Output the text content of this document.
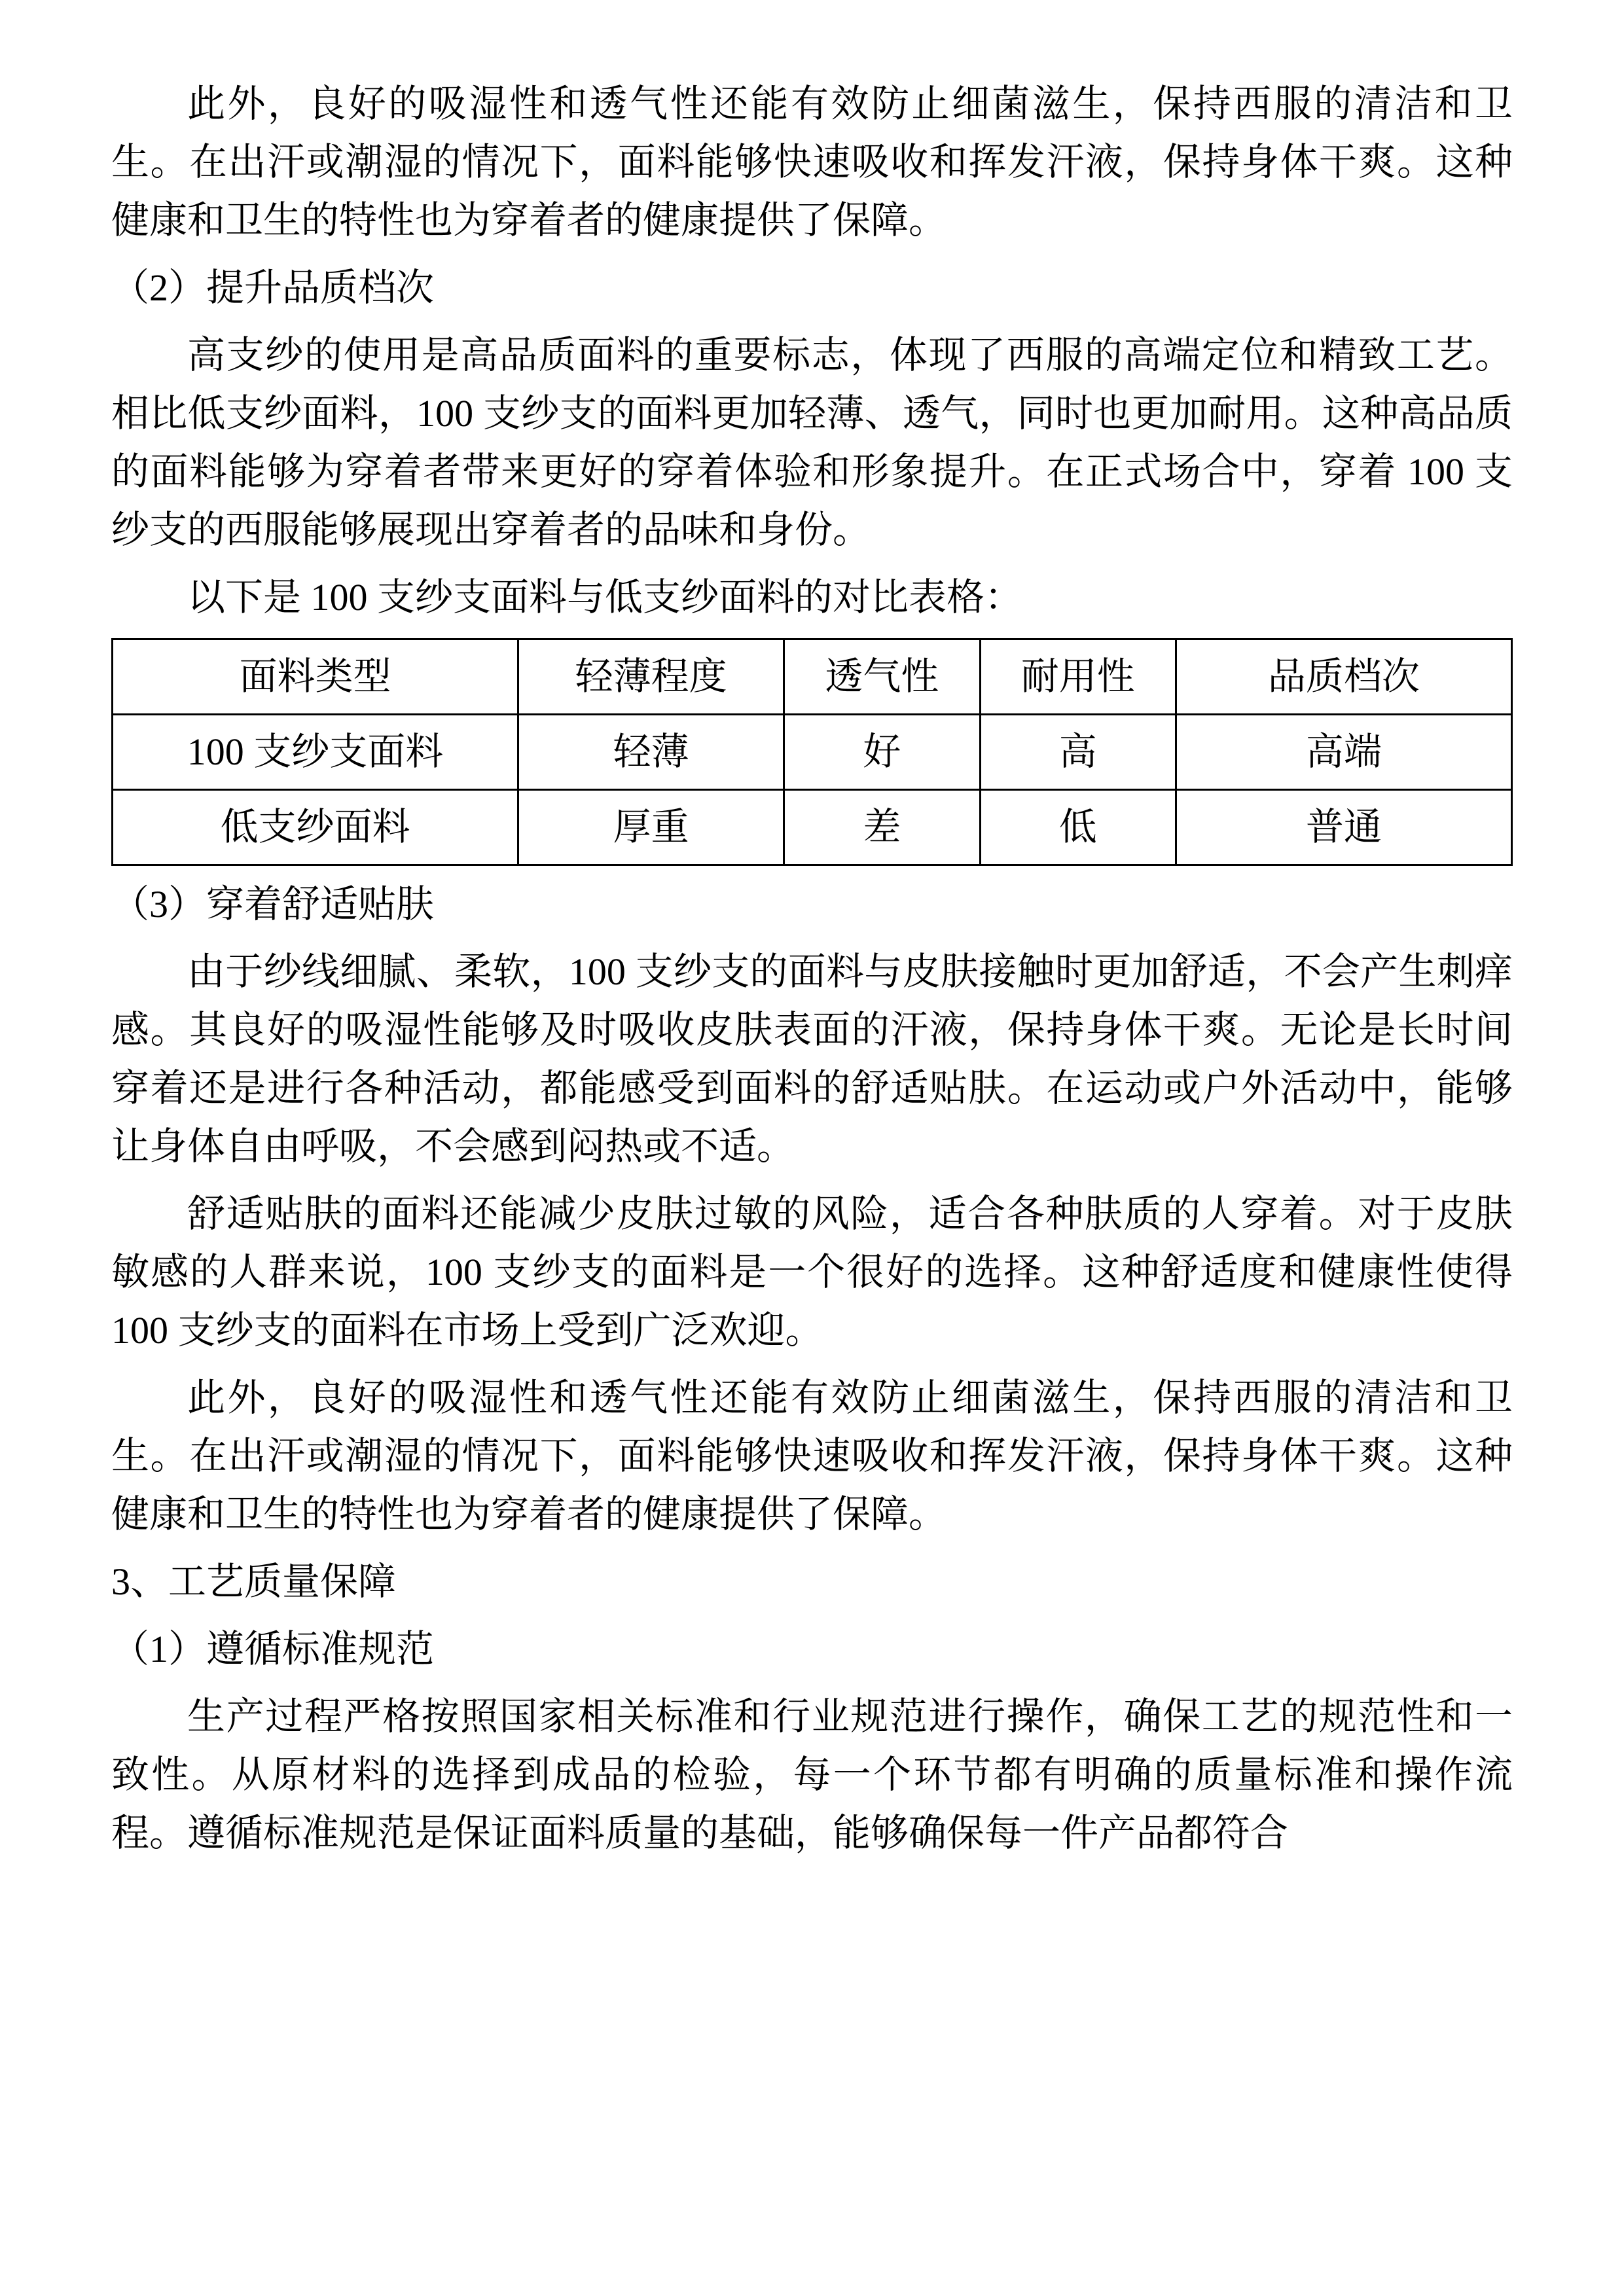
此外，良好的吸湿性和透气性还能有效防止细菌滋生，保持西服的清洁和卫生。在出汗或潮湿的情况下，面料能够快速吸收和挥发汗液，保持身体干爽。这种健康和卫生的特性也为穿着者的健康提供了保障。

（2）提升品质档次

高支纱的使用是高品质面料的重要标志，体现了西服的高端定位和精致工艺。相比低支纱面料，100 支纱支的面料更加轻薄、透气，同时也更加耐用。这种高品质的面料能够为穿着者带来更好的穿着体验和形象提升。在正式场合中，穿着 100 支纱支的西服能够展现出穿着者的品味和身份。

以下是 100 支纱支面料与低支纱面料的对比表格：

面料类型	轻薄程度	透气性	耐用性	品质档次
100 支纱支面料	轻薄	好	高	高端
低支纱面料	厚重	差	低	普通

（3）穿着舒适贴肤

由于纱线细腻、柔软，100 支纱支的面料与皮肤接触时更加舒适，不会产生刺痒感。其良好的吸湿性能够及时吸收皮肤表面的汗液，保持身体干爽。无论是长时间穿着还是进行各种活动，都能感受到面料的舒适贴肤。在运动或户外活动中，能够让身体自由呼吸，不会感到闷热或不适。

舒适贴肤的面料还能减少皮肤过敏的风险，适合各种肤质的人穿着。对于皮肤敏感的人群来说，100 支纱支的面料是一个很好的选择。这种舒适度和健康性使得 100 支纱支的面料在市场上受到广泛欢迎。

此外，良好的吸湿性和透气性还能有效防止细菌滋生，保持西服的清洁和卫生。在出汗或潮湿的情况下，面料能够快速吸收和挥发汗液，保持身体干爽。这种健康和卫生的特性也为穿着者的健康提供了保障。

3、工艺质量保障

（1）遵循标准规范

生产过程严格按照国家相关标准和行业规范进行操作，确保工艺的规范性和一致性。从原材料的选择到成品的检验，每一个环节都有明确的质量标准和操作流程。遵循标准规范是保证面料质量的基础，能够确保每一件产品都符合
